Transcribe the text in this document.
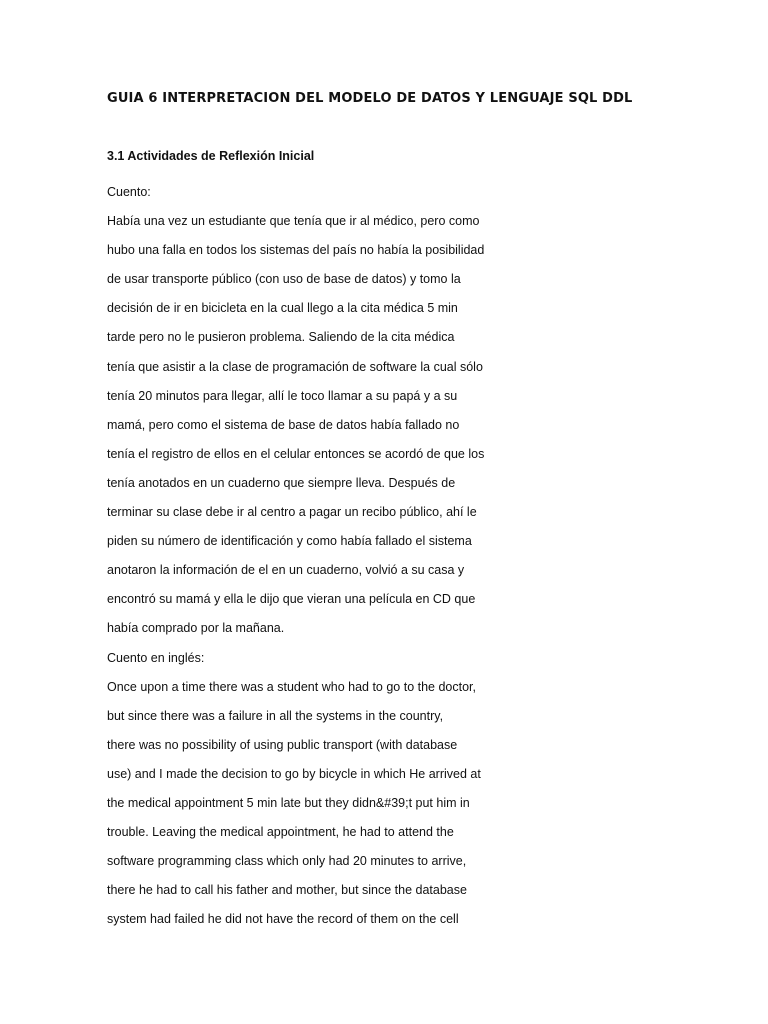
GUIA 6 INTERPRETACION DEL MODELO DE DATOS Y LENGUAJE SQL DDL
3.1 Actividades de Reflexión Inicial
Cuento:
Había una vez un estudiante que tenía que ir al médico, pero como
hubo una falla en todos los sistemas del país no había la posibilidad
de usar transporte público (con uso de base de datos) y tomo la
decisión de ir en bicicleta en la cual llego a la cita médica 5 min
tarde pero no le pusieron problema. Saliendo de la cita médica
tenía que asistir a la clase de programación de software la cual sólo
tenía 20 minutos para llegar, allí le toco llamar a su papá y a su
mamá, pero como el sistema de base de datos había fallado no
tenía el registro de ellos en el celular entonces se acordó de que los
tenía anotados en un cuaderno que siempre lleva. Después de
terminar su clase debe ir al centro a pagar un recibo público, ahí le
piden su número de identificación y como había fallado el sistema
anotaron la información de el en un cuaderno, volvió a su casa y
encontró su mamá y ella le dijo que vieran una película en CD que
había comprado por la mañana.
Cuento en inglés:
Once upon a time there was a student who had to go to the doctor,
but since there was a failure in all the systems in the country,
there was no possibility of using public transport (with database
use) and I made the decision to go by bicycle in which He arrived at
the medical appointment 5 min late but they didn&#39;t put him in
trouble. Leaving the medical appointment, he had to attend the
software programming class which only had 20 minutes to arrive,
there he had to call his father and mother, but since the database
system had failed he did not have the record of them on the cell
